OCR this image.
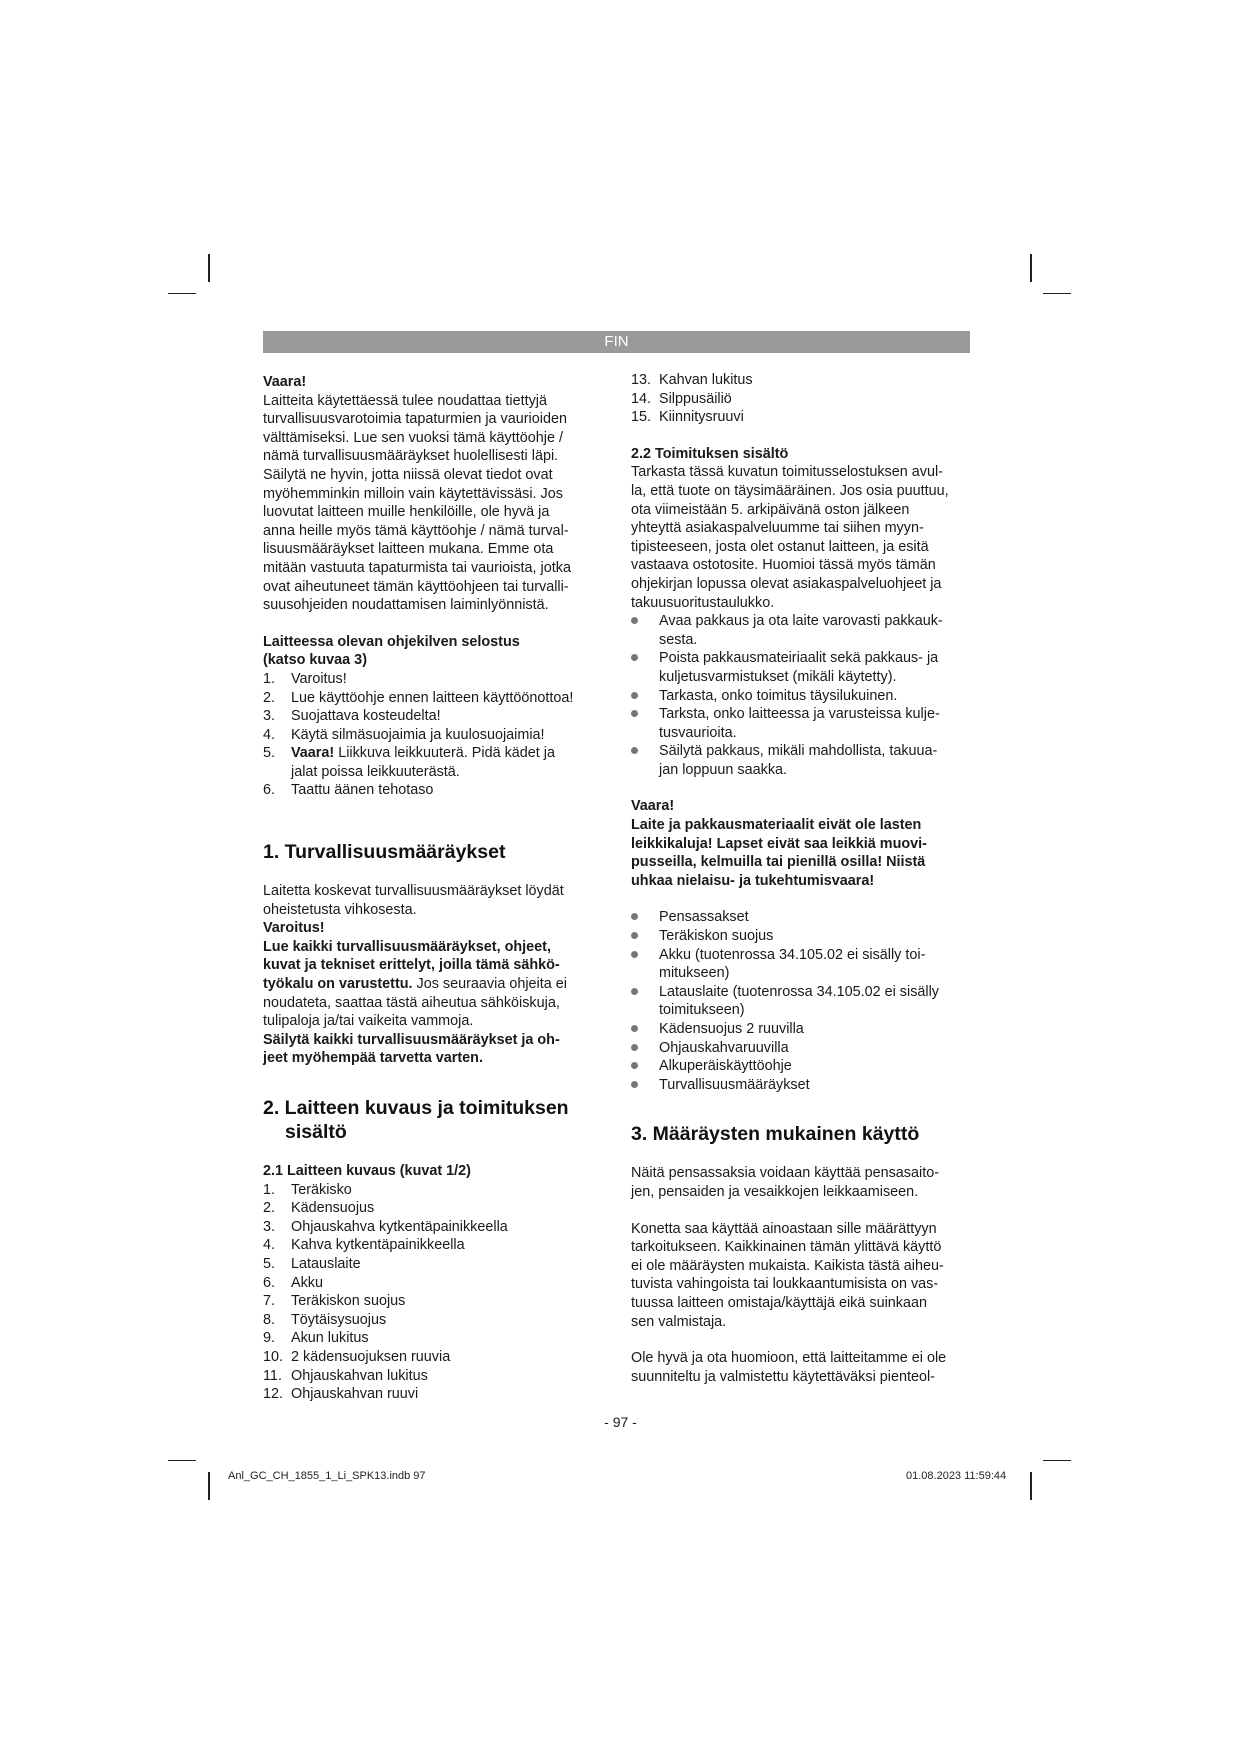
FIN

Vaara!

Laitteita käytettäessä tulee noudattaa tiettyjä

turvallisuusvarotoimia tapaturmien ja vaurioiden

välttämiseksi. Lue sen vuoksi tämä käyttöohje /

nämä turvallisuusmääräykset huolellisesti läpi.

Säilytä ne hyvin, jotta niissä olevat tiedot ovat

myöhemminkin milloin vain käytettävissäsi. Jos

luovutat laitteen muille henkilöille, ole hyvä ja

anna heille myös tämä käyttöohje / nämä turval-

lisuusmääräykset laitteen mukana. Emme ota

mitään vastuuta tapaturmista tai vaurioista, jotka

ovat aiheutuneet tämän käyttöohjeen tai turvalli-

suusohjeiden noudattamisen laiminlyönnistä.

Laitteessa olevan ohjekilven selostus

(katso kuvaa 3)

1.	Varoitus!
2.	Lue käyttöohje ennen laitteen käyttöönottoa!
3.	Suojattava kosteudelta!
4.	Käytä silmäsuojaimia ja kuulosuojaimia!
5.	Vaara! Liikkuva leikkuuterä. Pidä kädet ja
jalat poissa leikkuuterästä.
6.	Taattu äänen tehotaso
1. Turvallisuusmääräykset

Laitetta koskevat turvallisuusmääräykset löydät

oheistetusta vihkosesta.

Varoitus!

Lue kaikki turvallisuusmääräykset, ohjeet,

kuvat ja tekniset erittelyt, joilla tämä sähkö-

työkalu on varustettu. Jos seuraavia ohjeita ei

noudateta, saattaa tästä aiheutua sähköiskuja,

tulipaloja ja/tai vaikeita vammoja.

Säilytä kaikki turvallisuusmääräykset ja oh-

jeet myöhempää tarvetta varten.

2. Laitteen kuvaus ja toimituksen
sisältö
2.1 Laitteen kuvaus (kuvat 1/2)
1.	Teräkisko
2.	Kädensuojus
3.	Ohjauskahva kytkentäpainikkeella
4.	Kahva kytkentäpainikkeella
5.	Latauslaite
6.	Akku
7.	Teräkiskon suojus
8.	Töytäisysuojus
9.	Akun lukitus
10. 2 kädensuojuksen ruuvia
11. Ohjauskahvan lukitus
12. Ohjauskahvan ruuvi
13. Kahvan lukitus
14. Silppusäiliö
15. Kiinnitysruuvi
2.2 Toimituksen sisältö

Tarkasta tässä kuvatun toimitusselostuksen avul-

la, että tuote on täysimääräinen. Jos osia puuttuu,

ota viimeistään 5. arkipäivänä oston jälkeen

yhteyttä asiakaspalveluumme tai siihen myyn-

tipisteeseen, josta olet ostanut laitteen, ja esitä

vastaava ostotosite. Huomioi tässä myös tämän

ohjekirjan lopussa olevat asiakaspalveluohjeet ja

takuusuoritustaulukko.

Avaa pakkaus ja ota laite varovasti pakkauk-
sesta.
Poista pakkausmateiriaalit sekä pakkaus- ja
kuljetusvarmistukset (mikäli käytetty).
Tarkasta, onko toimitus täysilukuinen.
Tarksta, onko laitteessa ja varusteissa kulje-
tusvaurioita.
Säilytä pakkaus, mikäli mahdollista, takuua-
jan loppuun saakka.

Vaara!

Laite ja pakkausmateriaalit eivät ole lasten

leikkikaluja! Lapset eivät saa leikkiä muovi-

pusseilla, kelmuilla tai pienillä osilla! Niistä

uhkaa nielaisu- ja tukehtumisvaara!

Pensassakset
Teräkiskon suojus
Akku (tuotenrossa 34.105.02 ei sisälly toi-
mitukseen)
Latauslaite (tuotenrossa 34.105.02 ei sisälly
toimitukseen)
Kädensuojus 2 ruuvilla
Ohjauskahvaruuvilla
Alkuperäiskäyttöohje
Turvallisuusmääräykset
3. Määräysten mukainen käyttö

Näitä pensassaksia voidaan käyttää pensasaito-

jen, pensaiden ja vesaikkojen leikkaamiseen.

Konetta saa käyttää ainoastaan sille määrättyyn

tarkoitukseen. Kaikkinainen tämän ylittävä käyttö

ei ole määräysten mukaista. Kaikista tästä aiheu-

tuvista vahingoista tai loukkaantumisista on vas-

tuussa laitteen omistaja/käyttäjä eikä suinkaan

sen valmistaja.

Ole hyvä ja ota huomioon, että laitteitamme ei ole

suunniteltu ja valmistettu käytettäväksi pienteol-

- 97 -
Anl_GC_CH_1855_1_Li_SPK13.indb 97	01.08.2023 11:59:44
